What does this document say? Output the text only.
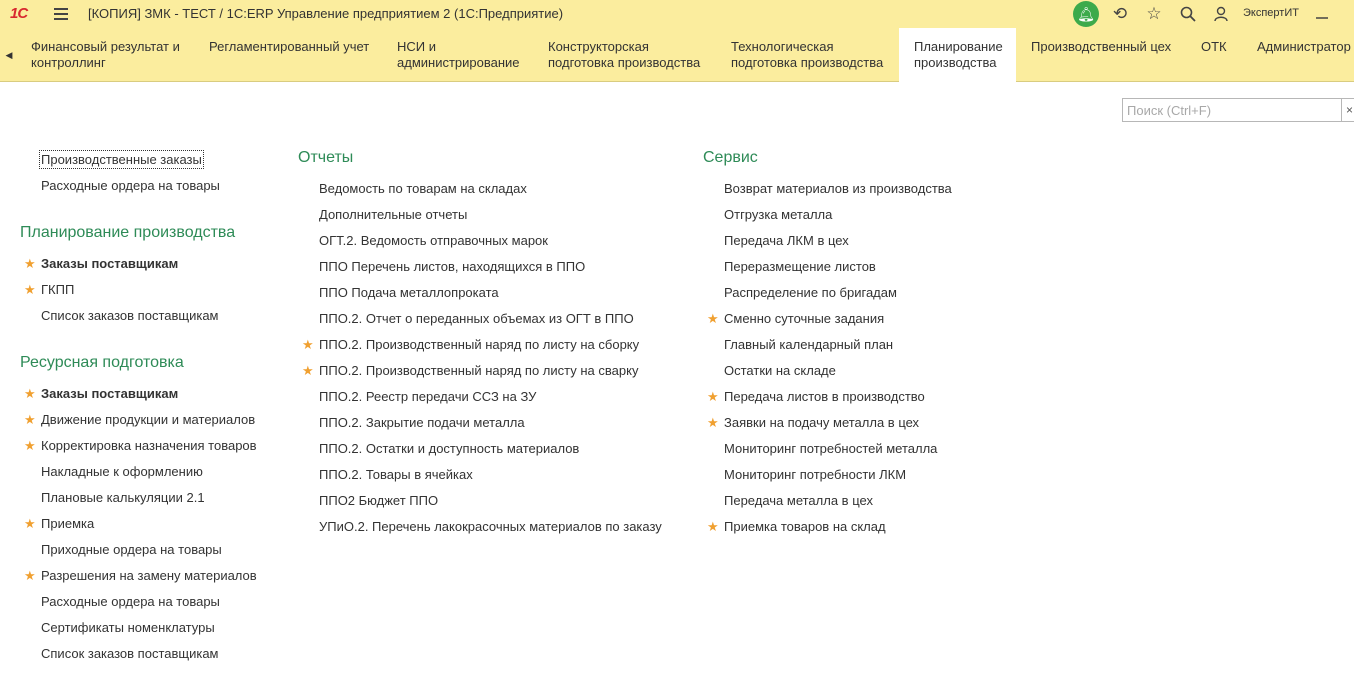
1С	[КОПИЯ] ЗМК - ТЕСТ / 1С:ERP Управление предприятием 2 (1С:Предприятие)	🔔︎ ⟲ ☆	ЭкспертИТ
◀
Финансовый результат и
контроллинг
Регламентированный учет	НСИ и
администрирование
Конструкторская
подготовка производства
Технологическая
подготовка производства
Планирование
производства
Производственный цех	ОТК	Администратор
Поиск (Ctrl+F)
×
Производственные заказы
Расходные ордера на товары
Планирование производства
★ Заказы поставщикам
★ ГКПП
Список заказов поставщикам
Ресурсная подготовка
★ Заказы поставщикам
★ Движение продукции и материалов
★ Корректировка назначения товаров
Накладные к оформлению
Плановые калькуляции 2.1
★ Приемка
Приходные ордера на товары
★ Разрешения на замену материалов
Расходные ордера на товары
Сертификаты номенклатуры
Список заказов поставщикам
Отчеты
Ведомость по товарам на складах
Дополнительные отчеты
ОГТ.2. Ведомость отправочных марок
ППО Перечень листов, находящихся в ППО
ППО Подача металлопроката
ППО.2. Отчет о переданных объемах из ОГТ в ППО
★ ППО.2. Производственный наряд по листу на сборку
★ ППО.2. Производственный наряд по листу на сварку
ППО.2. Реестр передачи ССЗ на ЗУ
ППО.2. Закрытие подачи металла
ППО.2. Остатки и доступность материалов
ППО.2. Товары в ячейках
ППО2 Бюджет ППО
УПиО.2. Перечень лакокрасочных материалов по заказу
Сервис
Возврат материалов из производства
Отгрузка металла
Передача ЛКМ в цех
Переразмещение листов
Распределение по бригадам
★ Сменно суточные задания
Главный календарный план
Остатки на складе
★ Передача листов в производство
★ Заявки на подачу металла в цех
Мониторинг потребностей металла
Мониторинг потребности ЛКМ
Передача металла в цех
★ Приемка товаров на склад
